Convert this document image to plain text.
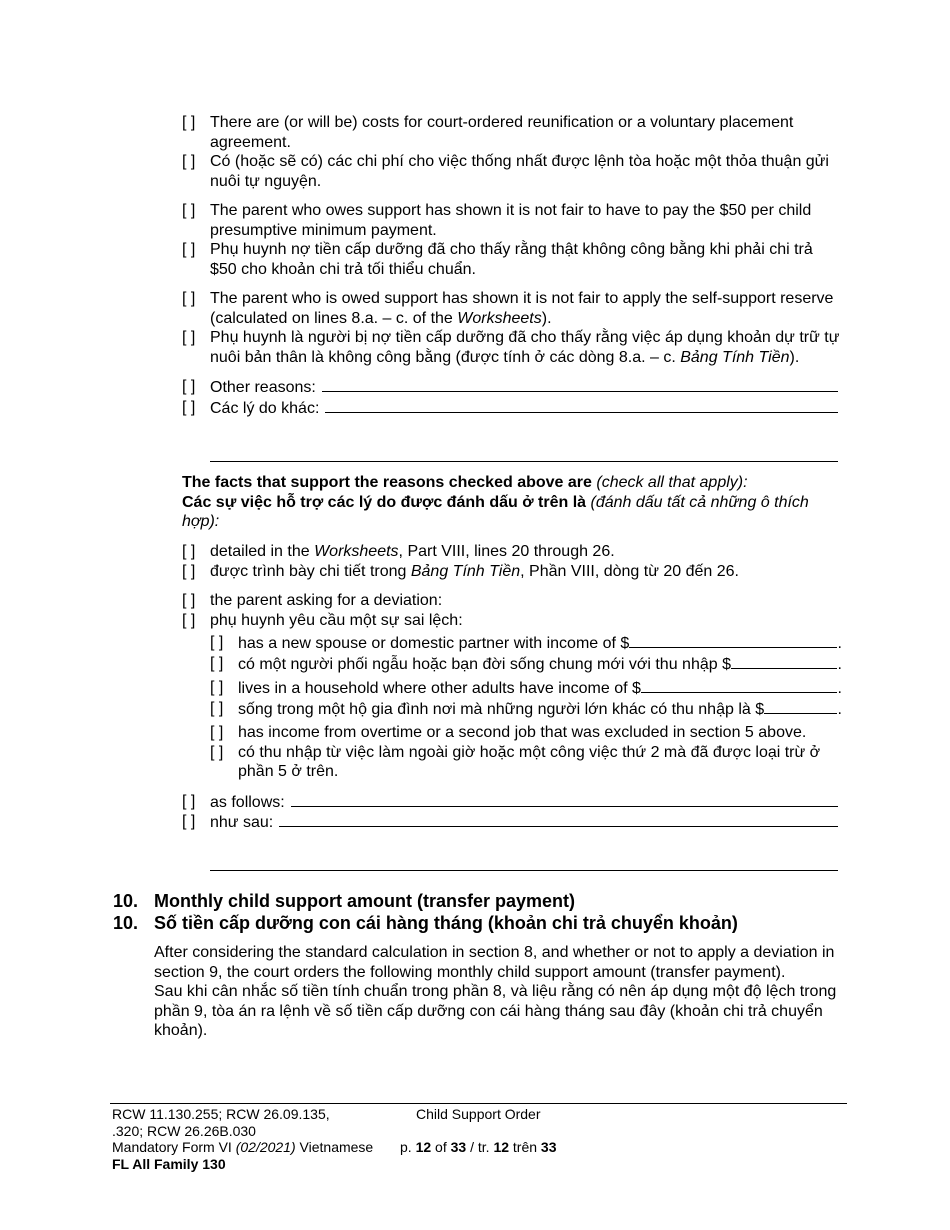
[ ] There are (or will be) costs for court-ordered reunification or a voluntary placement agreement.
[ ] Có (hoặc sẽ có) các chi phí cho việc thống nhất được lệnh tòa hoặc một thỏa thuận gửi nuôi tự nguyện.
[ ] The parent who owes support has shown it is not fair to have to pay the $50 per child presumptive minimum payment.
[ ] Phụ huynh nợ tiền cấp dưỡng đã cho thấy rằng thật không công bằng khi phải chi trả $50 cho khoản chi trả tối thiểu chuẩn.
[ ] The parent who is owed support has shown it is not fair to apply the self-support reserve (calculated on lines 8.a. – c. of the Worksheets).
[ ] Phụ huynh là người bị nợ tiền cấp dưỡng đã cho thấy rằng việc áp dụng khoản dự trữ tự nuôi bản thân là không công bằng (được tính ở các dòng 8.a. – c. Bảng Tính Tiền).
[ ] Other reasons:
[ ] Các lý do khác:
The facts that support the reasons checked above are (check all that apply):
Các sự việc hỗ trợ các lý do được đánh dấu ở trên là (đánh dấu tất cả những ô thích hợp):
[ ] detailed in the Worksheets, Part VIII, lines 20 through 26.
[ ] được trình bày chi tiết trong Bảng Tính Tiền, Phần VIII, dòng từ 20 đến 26.
[ ] the parent asking for a deviation:
[ ] phụ huynh yêu cầu một sự sai lệch:
[ ] has a new spouse or domestic partner with income of $	.
[ ] có một người phối ngẫu hoặc bạn đời sống chung mới với thu nhập $	.
[ ] lives in a household where other adults have income of $	.
[ ] sống trong một hộ gia đình nơi mà những người lớn khác có thu nhập là $	.
[ ] has income from overtime or a second job that was excluded in section 5 above.
[ ] có thu nhập từ việc làm ngoài giờ hoặc một công việc thứ 2 mà đã được loại trừ ở phần 5 ở trên.
[ ] as follows:
[ ] như sau:
10. Monthly child support amount (transfer payment)
10. Số tiền cấp dưỡng con cái hàng tháng (khoản chi trả chuyển khoản)
After considering the standard calculation in section 8, and whether or not to apply a deviation in section 9, the court orders the following monthly child support amount (transfer payment).
Sau khi cân nhắc số tiền tính chuẩn trong phần 8, và liệu rằng có nên áp dụng một độ lệch trong phần 9, tòa án ra lệnh về số tiền cấp dưỡng con cái hàng tháng sau đây (khoản chi trả chuyển khoản).
RCW 11.130.255; RCW 26.09.135,
.320; RCW 26.26B.030
Mandatory Form VI (02/2021) Vietnamese
FL All Family 130
Child Support Order
p. 12 of 33 / tr. 12 trên 33
